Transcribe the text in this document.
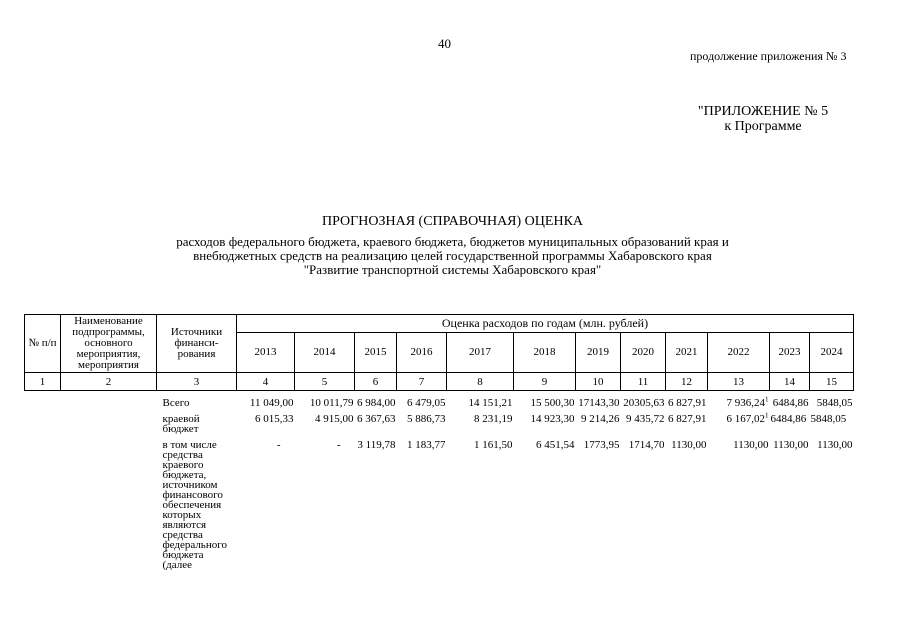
40
продолжение приложения № 3
"ПРИЛОЖЕНИЕ № 5
к Программе
ПРОГНОЗНАЯ (СПРАВОЧНАЯ) ОЦЕНКА
расходов федерального бюджета, краевого бюджета, бюджетов муниципальных образований края и
внебюджетных средств на реализацию целей государственной программы Хабаровского края
"Развитие транспортной системы Хабаровского края"
№ п/п	Наименование подпрограммы, основного мероприятия, мероприятия	Источники финанси-рования	Оценка расходов по годам (млн. рублей)											
			2013	2014	2015	2016	2017	2018	2019	2020	2021	2022	2023	2024
1	2	3	4	5	6	7	8	9	10	11	12	13	14	15
		Всего	11 049,00	10 011,79	6 984,00	6 479,05	14 151,21	15 500,30	17143,30	20305,63	6 827,91	7 936,24$^1$	6484,86	5848,05
		краевой бюджет	6 015,33	4 915,00	6 367,63	5 886,73	8 231,19	14 923,30	9 214,26	9 435,72	6 827,91	6 167,02$^1$	6484,86	5848,05
		в том числе средства краевого бюджета, источником финансового обеспечения которых являются средства федерального бюджета (далее	-	-	3 119,78	1 183,77	1 161,50	6 451,54	1773,95	1714,70	1130,00	1130,00	1130,00	1130,00
